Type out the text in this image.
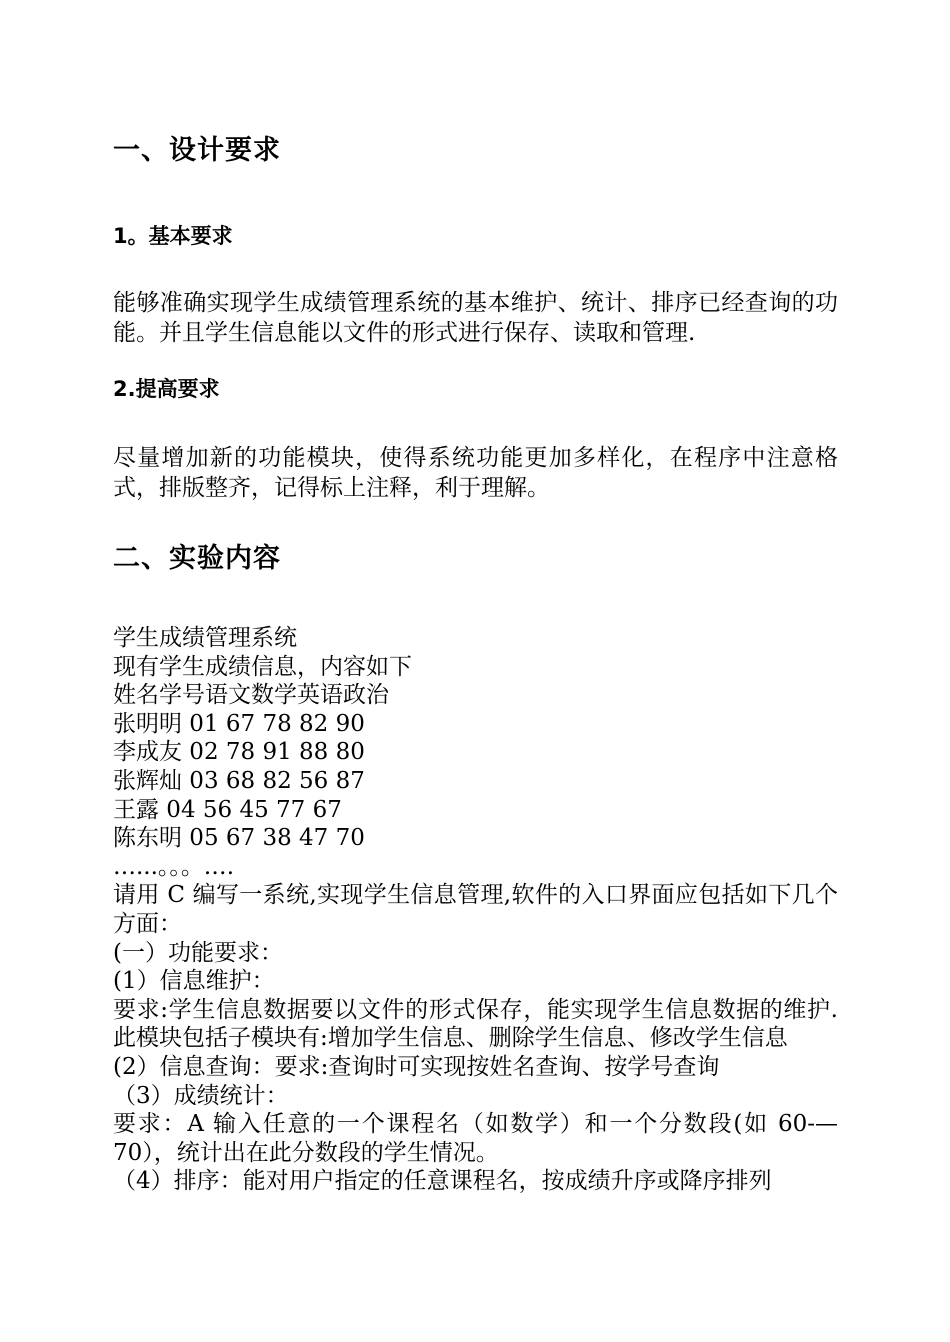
一、设计要求
1。基本要求

能够准确实现学生成绩管理系统的基本维护、统计、排序已经查询的功能。并且学生信息能以文件的形式进行保存、读取和管理.

2.提高要求

尽量增加新的功能模块，使得系统功能更加多样化，在程序中注意格式，排版整齐，记得标上注释，利于理解。

二、实验内容
学生成绩管理系统
现有学生成绩信息，内容如下
姓名学号语文数学英语政治
张明明 01 67 78 82 90
李成友 02 78 91 88 80
张辉灿 03 68 82 56 87
王露 04 56 45 77 67
陈东明 05 67 38 47 70
…...。。。.…
请用 C 编写一系统,实现学生信息管理,软件的入口界面应包括如下几个方面：
(一）功能要求：
(1）信息维护：
要求:学生信息数据要以文件的形式保存，能实现学生信息数据的维护.此模块包括子模块有:增加学生信息、删除学生信息、修改学生信息
(2）信息查询：要求:查询时可实现按姓名查询、按学号查询
（3）成绩统计：
要求：A 输入任意的一个课程名（如数学）和一个分数段(如 60-—70），统计出在此分数段的学生情况。
（4）排序：能对用户指定的任意课程名，按成绩升序或降序排列
